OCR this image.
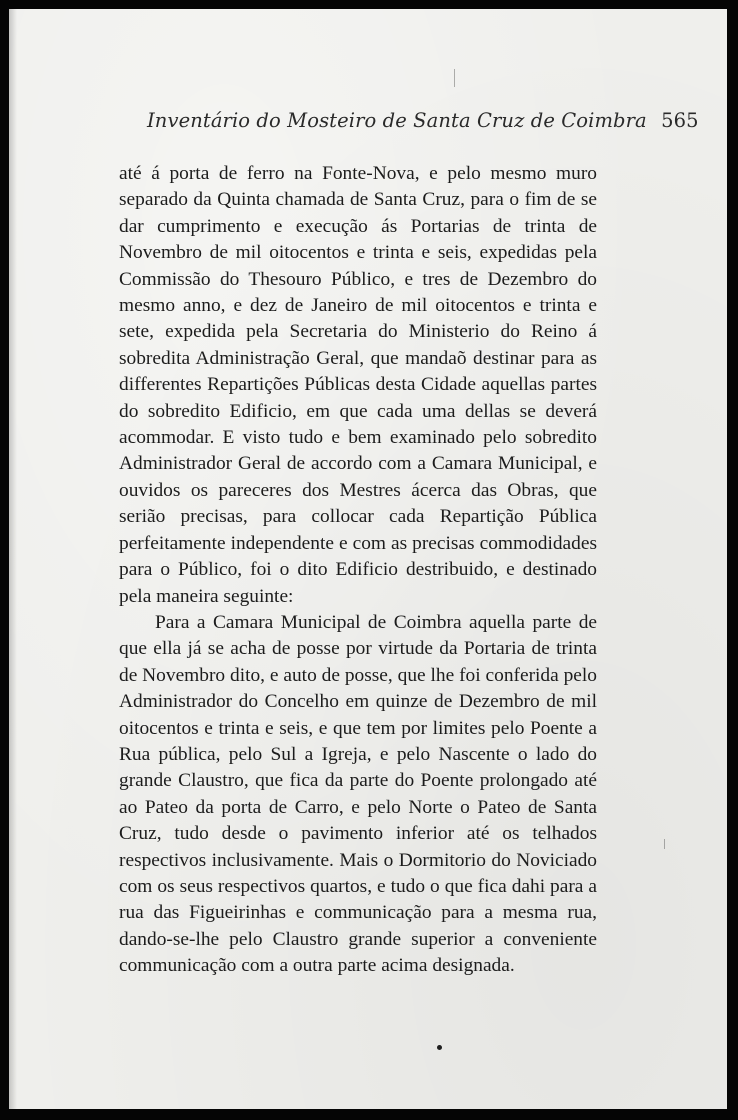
Inventário do Mosteiro de Santa Cruz de Coimbra 565

até á porta de ferro na Fonte-Nova, e pelo mesmo muro separado da Quinta chamada de Santa Cruz, para o fim de se dar cumprimento e execução ás Portarias de trinta de Novembro de mil oitocentos e trinta e seis, expedidas pela Commissão do Thesouro Público, e tres de Dezembro do mesmo anno, e dez de Janeiro de mil oitocentos e trinta e sete, expedida pela Secretaria do Ministerio do Reino á sobredita Administração Geral, que mandaõ destinar para as differentes Repartições Públicas desta Cidade aquellas partes do sobredito Edificio, em que cada uma dellas se deverá acommodar. E visto tudo e bem examinado pelo sobredito Administrador Geral de accordo com a Camara Municipal, e ouvidos os pareceres dos Mestres ácerca das Obras, que serião precisas, para collocar cada Repartição Pública perfeitamente independente e com as precisas commodidades para o Público, foi o dito Edificio destribuido, e destinado pela maneira seguinte:

Para a Camara Municipal de Coimbra aquella parte de que ella já se acha de posse por virtude da Portaria de trinta de Novembro dito, e auto de posse, que lhe foi conferida pelo Administrador do Concelho em quinze de Dezembro de mil oitocentos e trinta e seis, e que tem por limites pelo Poente a Rua pública, pelo Sul a Igreja, e pelo Nascente o lado do grande Claustro, que fica da parte do Poente prolongado até ao Pateo da porta de Carro, e pelo Norte o Pateo de Santa Cruz, tudo desde o pavimento inferior até os telhados respectivos inclusivamente. Mais o Dormitorio do Noviciado com os seus respectivos quartos, e tudo o que fica dahi para a rua das Figueirinhas e communicação para a mesma rua, dando-se-lhe pelo Claustro grande superior a conveniente communicação com a outra parte acima designada.
